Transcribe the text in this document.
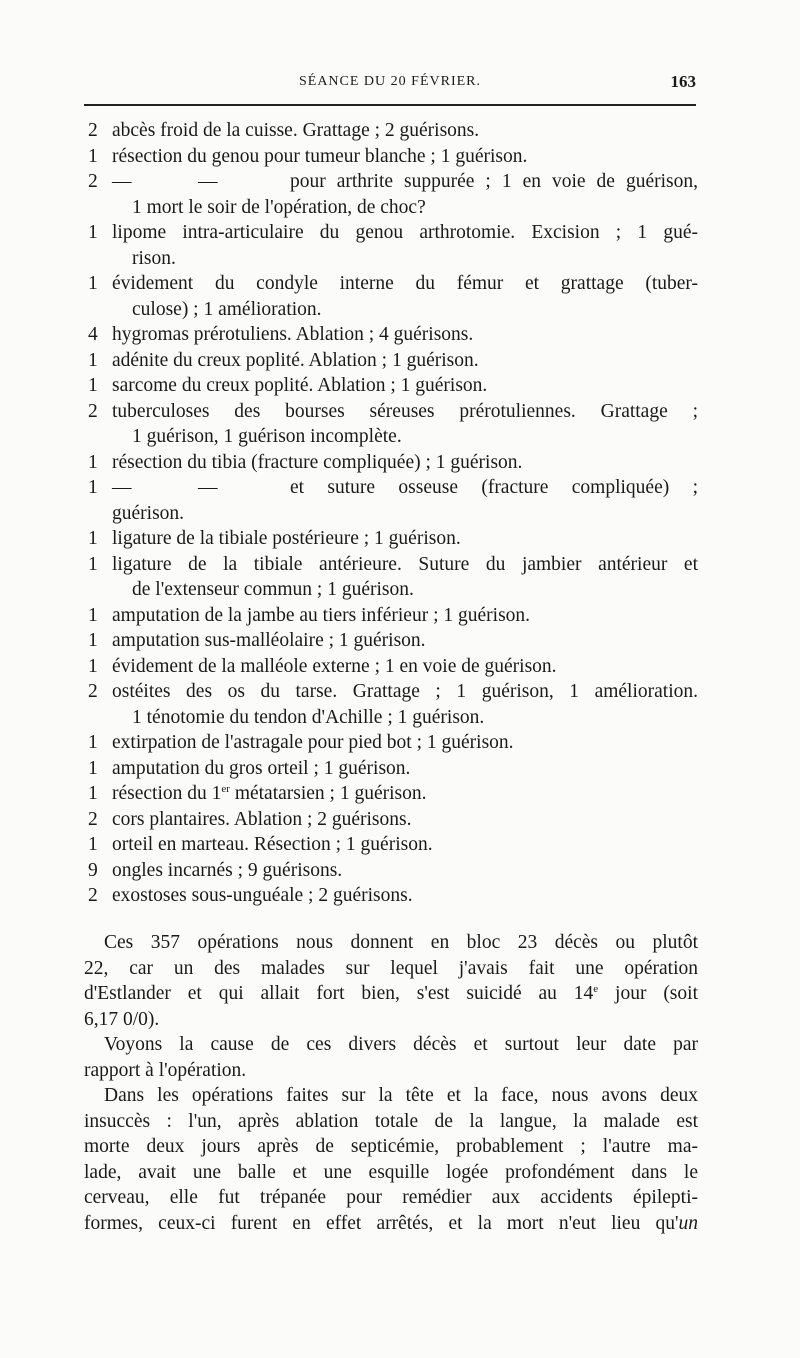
SÉANCE DU 20 FÉVRIER.	163
2 abcès froid de la cuisse. Grattage ; 2 guérisons.
1 résection du genou pour tumeur blanche ; 1 guérison.
2 —	—	pour arthrite suppurée ; 1 en voie de guérison,
1 mort le soir de l'opération, de choc?
1 lipome intra-articulaire du genou arthrotomie. Excision ; 1 gué-
rison.
1 évidement du condyle interne du fémur et grattage (tuber-
culose) ; 1 amélioration.
4 hygromas prérotuliens. Ablation ; 4 guérisons.
1 adénite du creux poplité. Ablation ; 1 guérison.
1 sarcome du creux poplité. Ablation ; 1 guérison.
2 tuberculoses des bourses séreuses prérotuliennes. Grattage ;
1 guérison, 1 guérison incomplète.
1 résection du tibia (fracture compliquée) ; 1 guérison.
1 —	—	et suture osseuse (fracture compliquée) ;
guérison.
1 ligature de la tibiale postérieure ; 1 guérison.
1 ligature de la tibiale antérieure. Suture du jambier antérieur et
de l'extenseur commun ; 1 guérison.
1 amputation de la jambe au tiers inférieur ; 1 guérison.
1 amputation sus-malléolaire ; 1 guérison.
1 évidement de la malléole externe ; 1 en voie de guérison.
2 ostéites des os du tarse. Grattage ; 1 guérison, 1 amélioration.
1 ténotomie du tendon d'Achille ; 1 guérison.
1 extirpation de l'astragale pour pied bot ; 1 guérison.
1 amputation du gros orteil ; 1 guérison.
1 résection du 1er métatarsien ; 1 guérison.
2 cors plantaires. Ablation ; 2 guérisons.
1 orteil en marteau. Résection ; 1 guérison.
9 ongles incarnés ; 9 guérisons.
2 exostoses sous-unguéale ; 2 guérisons.
Ces 357 opérations nous donnent en bloc 23 décès ou plutôt
22, car un des malades sur lequel j'avais fait une opération
d'Estlander et qui allait fort bien, s'est suicidé au 14e jour (soit
6,17 0/0).
Voyons la cause de ces divers décès et surtout leur date par
rapport à l'opération.
Dans les opérations faites sur la tête et la face, nous avons deux
insuccès : l'un, après ablation totale de la langue, la malade est
morte deux jours après de septicémie, probablement ; l'autre ma-
lade, avait une balle et une esquille logée profondément dans le
cerveau, elle fut trépanée pour remédier aux accidents épilepti-
formes, ceux-ci furent en effet arrêtés, et la mort n'eut lieu qu'un
